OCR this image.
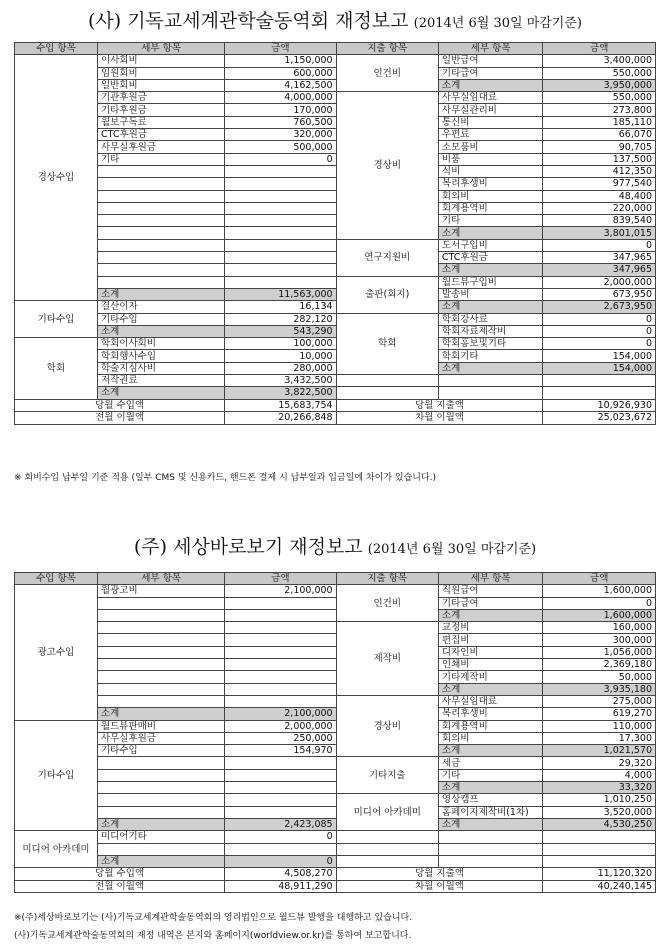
(사) 기독교세계관학술동역회 재정보고 (2014년 6월 30일 마감기준)
수입 항목	세부 항목	금액	지출 항목	세부 항목	금액
경상수입	이사회비	1,150,000	인건비	일반급여	3,400,000
	임원회비	600,000		기타급여	550,000
	일반회비	4,162,500		소계	3,950,000
	기관후원금	4,000,000	경상비	사무실임대료	550,000
	기타후원금	170,000		사무실관리비	273,800
	월보구독료	760,500		통신비	185,110
	CTC후원금	320,000		우편료	66,070
	사무실후원금	500,000		소모품비	90,705
	기타	0		비품	137,500
				식비	412,350
				복리후생비	977,540
				회의비	48,400
				회계용역비	220,000
				기타	839,540
				소계	3,801,015
			연구지원비	도서구입비	0
				CTC후원금	347,965
				소계	347,965
			출판(회지)	월드뷰구입비	2,000,000
	소계	11,563,000		발송비	673,950
기타수입	결산이자	16,134		소계	2,673,950
	기타수입	282,120	학회	학회강사료	0
	소계	543,290		학회자료제작비	0
학회	학회이사회비	100,000		학회홍보및기타	0
	학회행사수입	10,000		학회기타	154,000
	학술지심사비	280,000		소계	154,000
	저작권료	3,432,500			
	소계	3,822,500			
당월 수입액		15,683,754	당월 지출액		10,926,930
전월 이월액		20,266,848	차월 이월액		25,023,672
※ 회비수입 납부일 기준 적용 (일부 CMS 및 신용카드, 핸드폰 결제 시 납부일과 입금일에 차이가 있습니다.)
(주) 세상바로보기 재정보고 (2014년 6월 30일 마감기준)
수입 항목	세부 항목	금액	지출 항목	세부 항목	금액
광고수입	월광고비	2,100,000	인건비	직원급여	1,600,000
				기타급여	0
				소계	1,600,000
			제작비	교정비	160,000
				편집비	300,000
				디자인비	1,056,000
				인쇄비	2,369,180
				기타제작비	50,000
				소계	3,935,180
			경상비	사무실임대료	275,000
	소계	2,100,000		복리후생비	619,270
기타수입	월드뷰판매비	2,000,000		회계용역비	110,000
	사무실후원금	250,000		회의비	17,300
	기타수입	154,970		소계	1,021,570
			기타지출	세금	29,320
				기타	4,000
				소계	33,320
			미디어 아카데미	영상캠프	1,010,250
				홈페이지제작비(1차)	3,520,000
	소계	2,423,085		소계	4,530,250
미디어 아카데미	미디어기타	0			

	소계	0			
당월 수입액		4,508,270	당월 지출액		11,120,320
전월 이월액		48,911,290	차월 이월액		40,240,145
※(주)세상바로보기는 (사)기독교세계관학술동역회의 영리법인으로 월드뷰 발행을 대행하고 있습니다.
(사)기독교세계관학술동역회의 재정 내역은 본지와 홈페이지(worldview.or.kr)를 통하여 보고합니다.
